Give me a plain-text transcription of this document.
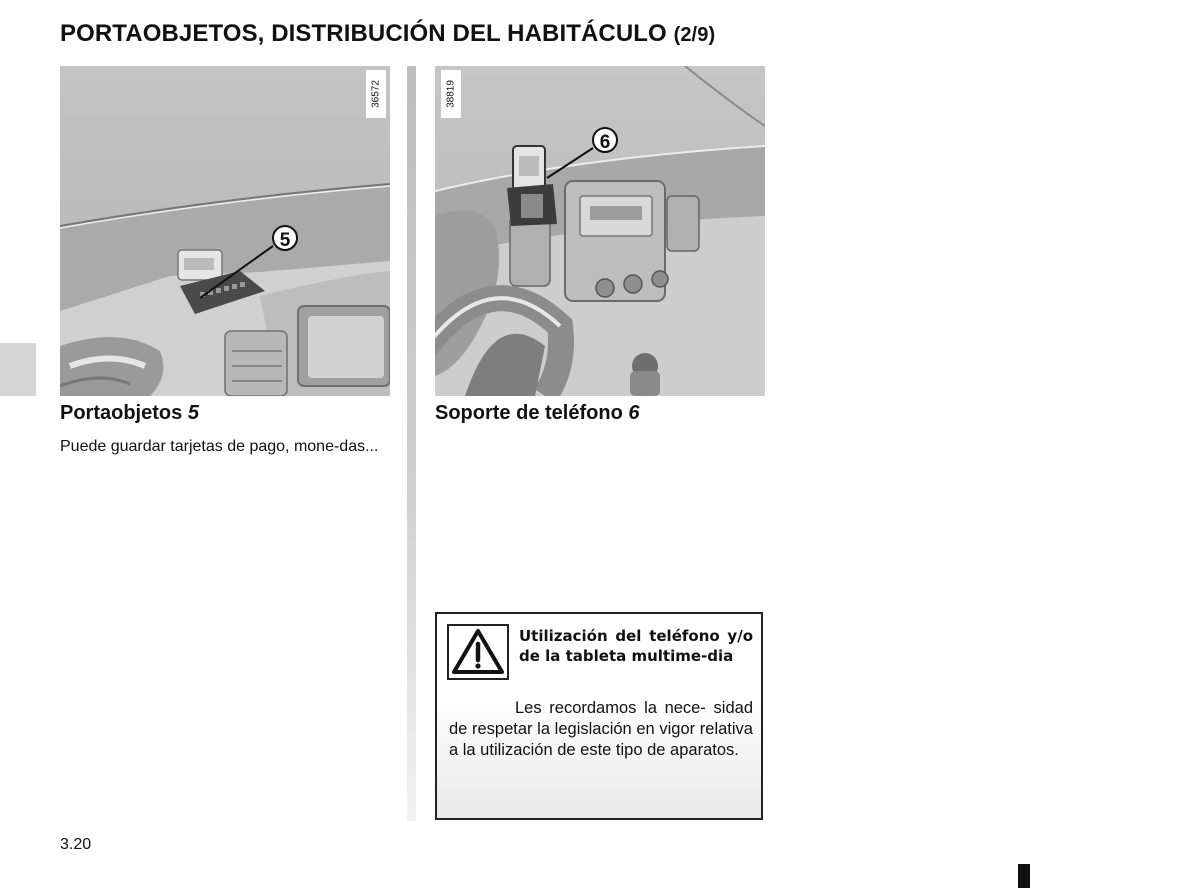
PORTAOBJETOS, DISTRIBUCIÓN DEL HABITÁCULO (2/9)
5
36572
6
38819
Portaobjetos 5
Puede guardar tarjetas de pago, mone-das...
Soporte de teléfono 6
Utilización del teléfono y/o de la tableta multime-dia
Les recordamos la nece- sidad de respetar la legislación en vigor relativa a la utilización de este tipo de aparatos.
3.20
